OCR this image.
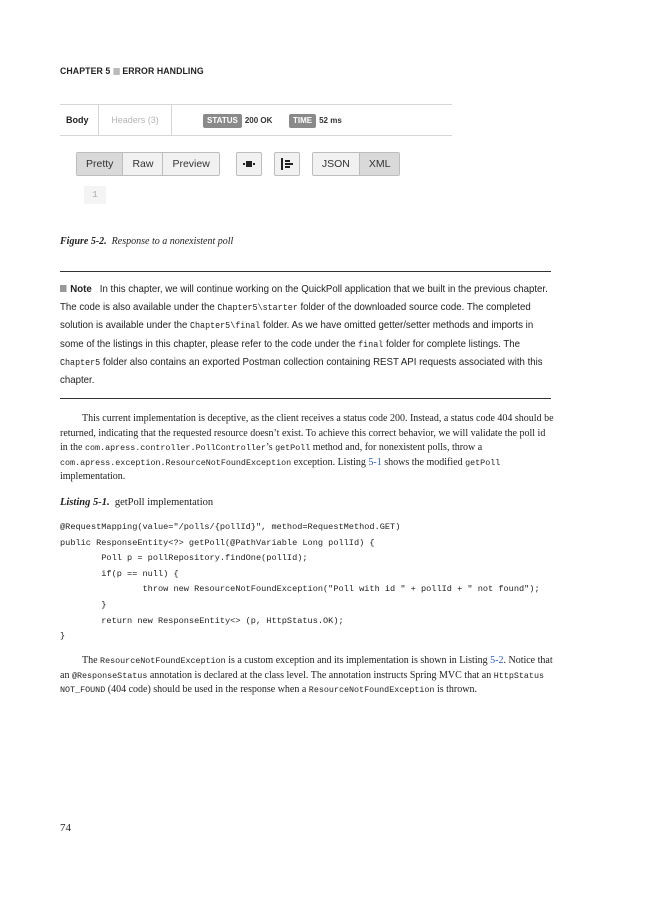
CHAPTER 5 ERROR HANDLING
Body	Headers (3)	STATUS 200 OK	TIME 52 ms
Pretty	Raw	Preview	JSON	XML
1
Figure 5-2. Response to a nonexistent poll

Note In this chapter, we will continue working on the QuickPoll application that we built in the previous chapter. The code is also available under the Chapter5\starter folder of the downloaded source code. The completed solution is available under the Chapter5\final folder. As we have omitted getter/setter methods and imports in some of the listings in this chapter, please refer to the code under the final folder for complete listings. The Chapter5 folder also contains an exported Postman collection containing REST API requests associated with this chapter.

This current implementation is deceptive, as the client receives a status code 200. Instead, a status code 404 should be returned, indicating that the requested resource doesn’t exist. To achieve this correct behavior, we will validate the poll id in the com.apress.controller.PollController’s getPoll method and, for nonexistent polls, throw a com.apress.exception.ResourceNotFoundException exception. Listing 5-1 shows the modified getPoll implementation.

Listing 5-1. getPoll implementation
@RequestMapping(value="/polls/{pollId}", method=RequestMethod.GET)
public ResponseEntity<?> getPoll(@PathVariable Long pollId) {
Poll p = pollRepository.findOne(pollId);
if(p == null) {
throw new ResourceNotFoundException("Poll with id " + pollId + " not found");
}
return new ResponseEntity<> (p, HttpStatus.OK);
}

The ResourceNotFoundException is a custom exception and its implementation is shown in Listing 5-2. Notice that an @ResponseStatus annotation is declared at the class level. The annotation instructs Spring MVC that an HttpStatus NOT_FOUND (404 code) should be used in the response when a ResourceNotFoundException is thrown.

74
